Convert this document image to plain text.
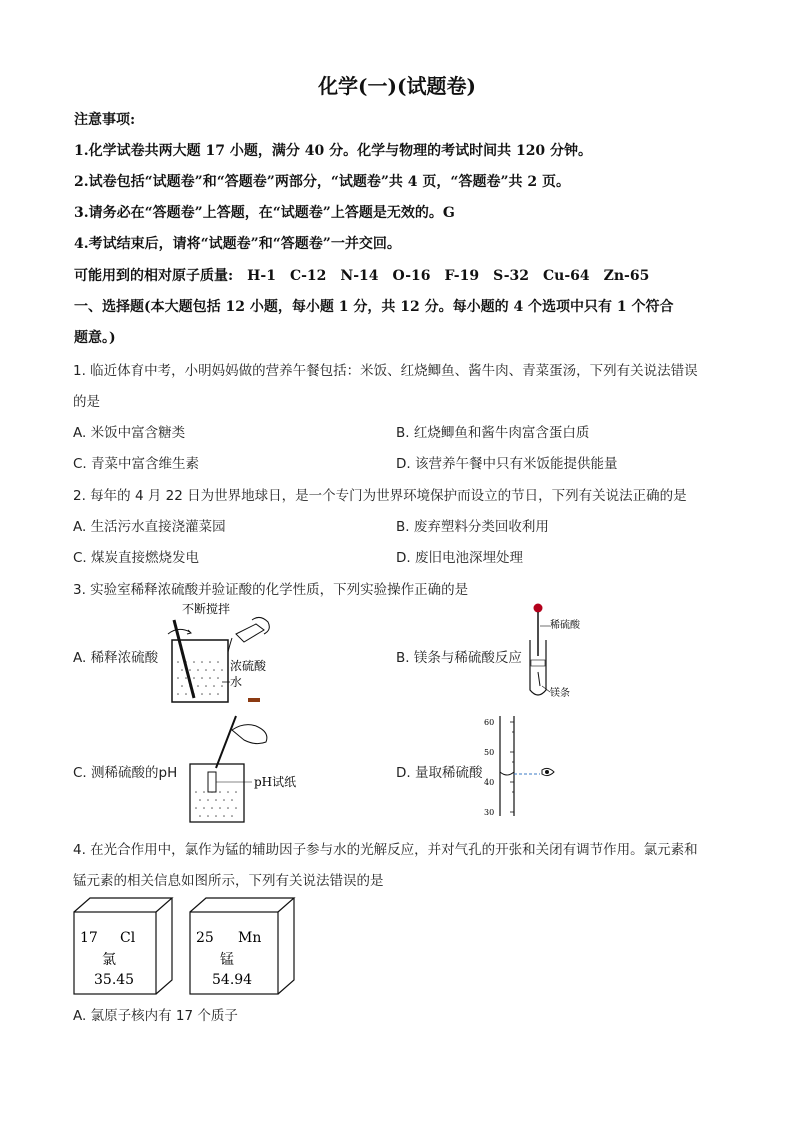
化学(一)(试题卷)
注意事项:
1.化学试卷共两大题 17 小题，满分 40 分。化学与物理的考试时间共 120 分钟。
2.试卷包括“试题卷”和“答题卷”两部分，“试题卷”共 4 页，“答题卷”共 2 页。
3.请务必在“答题卷”上答题，在“试题卷”上答题是无效的。G
4.考试结束后，请将“试题卷”和“答题卷”一并交回。
可能用到的相对原子质量: H-1 C-12 N-14 O-16 F-19 S-32 Cu-64 Zn-65
一、选择题(本大题包括 12 小题，每小题 1 分，共 12 分。每小题的 4 个选项中只有 1 个符合
题意。)
1. 临近体育中考，小明妈妈做的营养午餐包括：米饭、红烧鲫鱼、酱牛肉、青菜蛋汤，下列有关说法错误
的是
A. 米饭中富含糖类	B. 红烧鲫鱼和酱牛肉富含蛋白质
C. 青菜中富含维生素	D. 该营养午餐中只有米饭能提供能量
2. 每年的 4 月 22 日为世界地球日，是一个专门为世界环境保护而设立的节日，下列有关说法正确的是
A. 生活污水直接浇灌菜园	B. 废弃塑料分类回收利用
C. 煤炭直接燃烧发电	D. 废旧电池深埋处理
3. 实验室稀释浓硫酸并验证酸的化学性质，下列实验操作正确的是
A. 稀释浓硫酸	B. 镁条与稀硫酸反应
C. 测稀硫酸的pH	D. 量取稀硫酸
不断搅拌
浓硫酸
水
稀硫酸
镁条
pH试纸
60
50
40
30
4. 在光合作用中，氯作为锰的辅助因子参与水的光解反应，并对气孔的开张和关闭有调节作用。氯元素和
锰元素的相关信息如图所示，下列有关说法错误的是
17 Cl
氯
35.45
25 Mn
锰
54.94
A. 氯原子核内有 17 个质子
